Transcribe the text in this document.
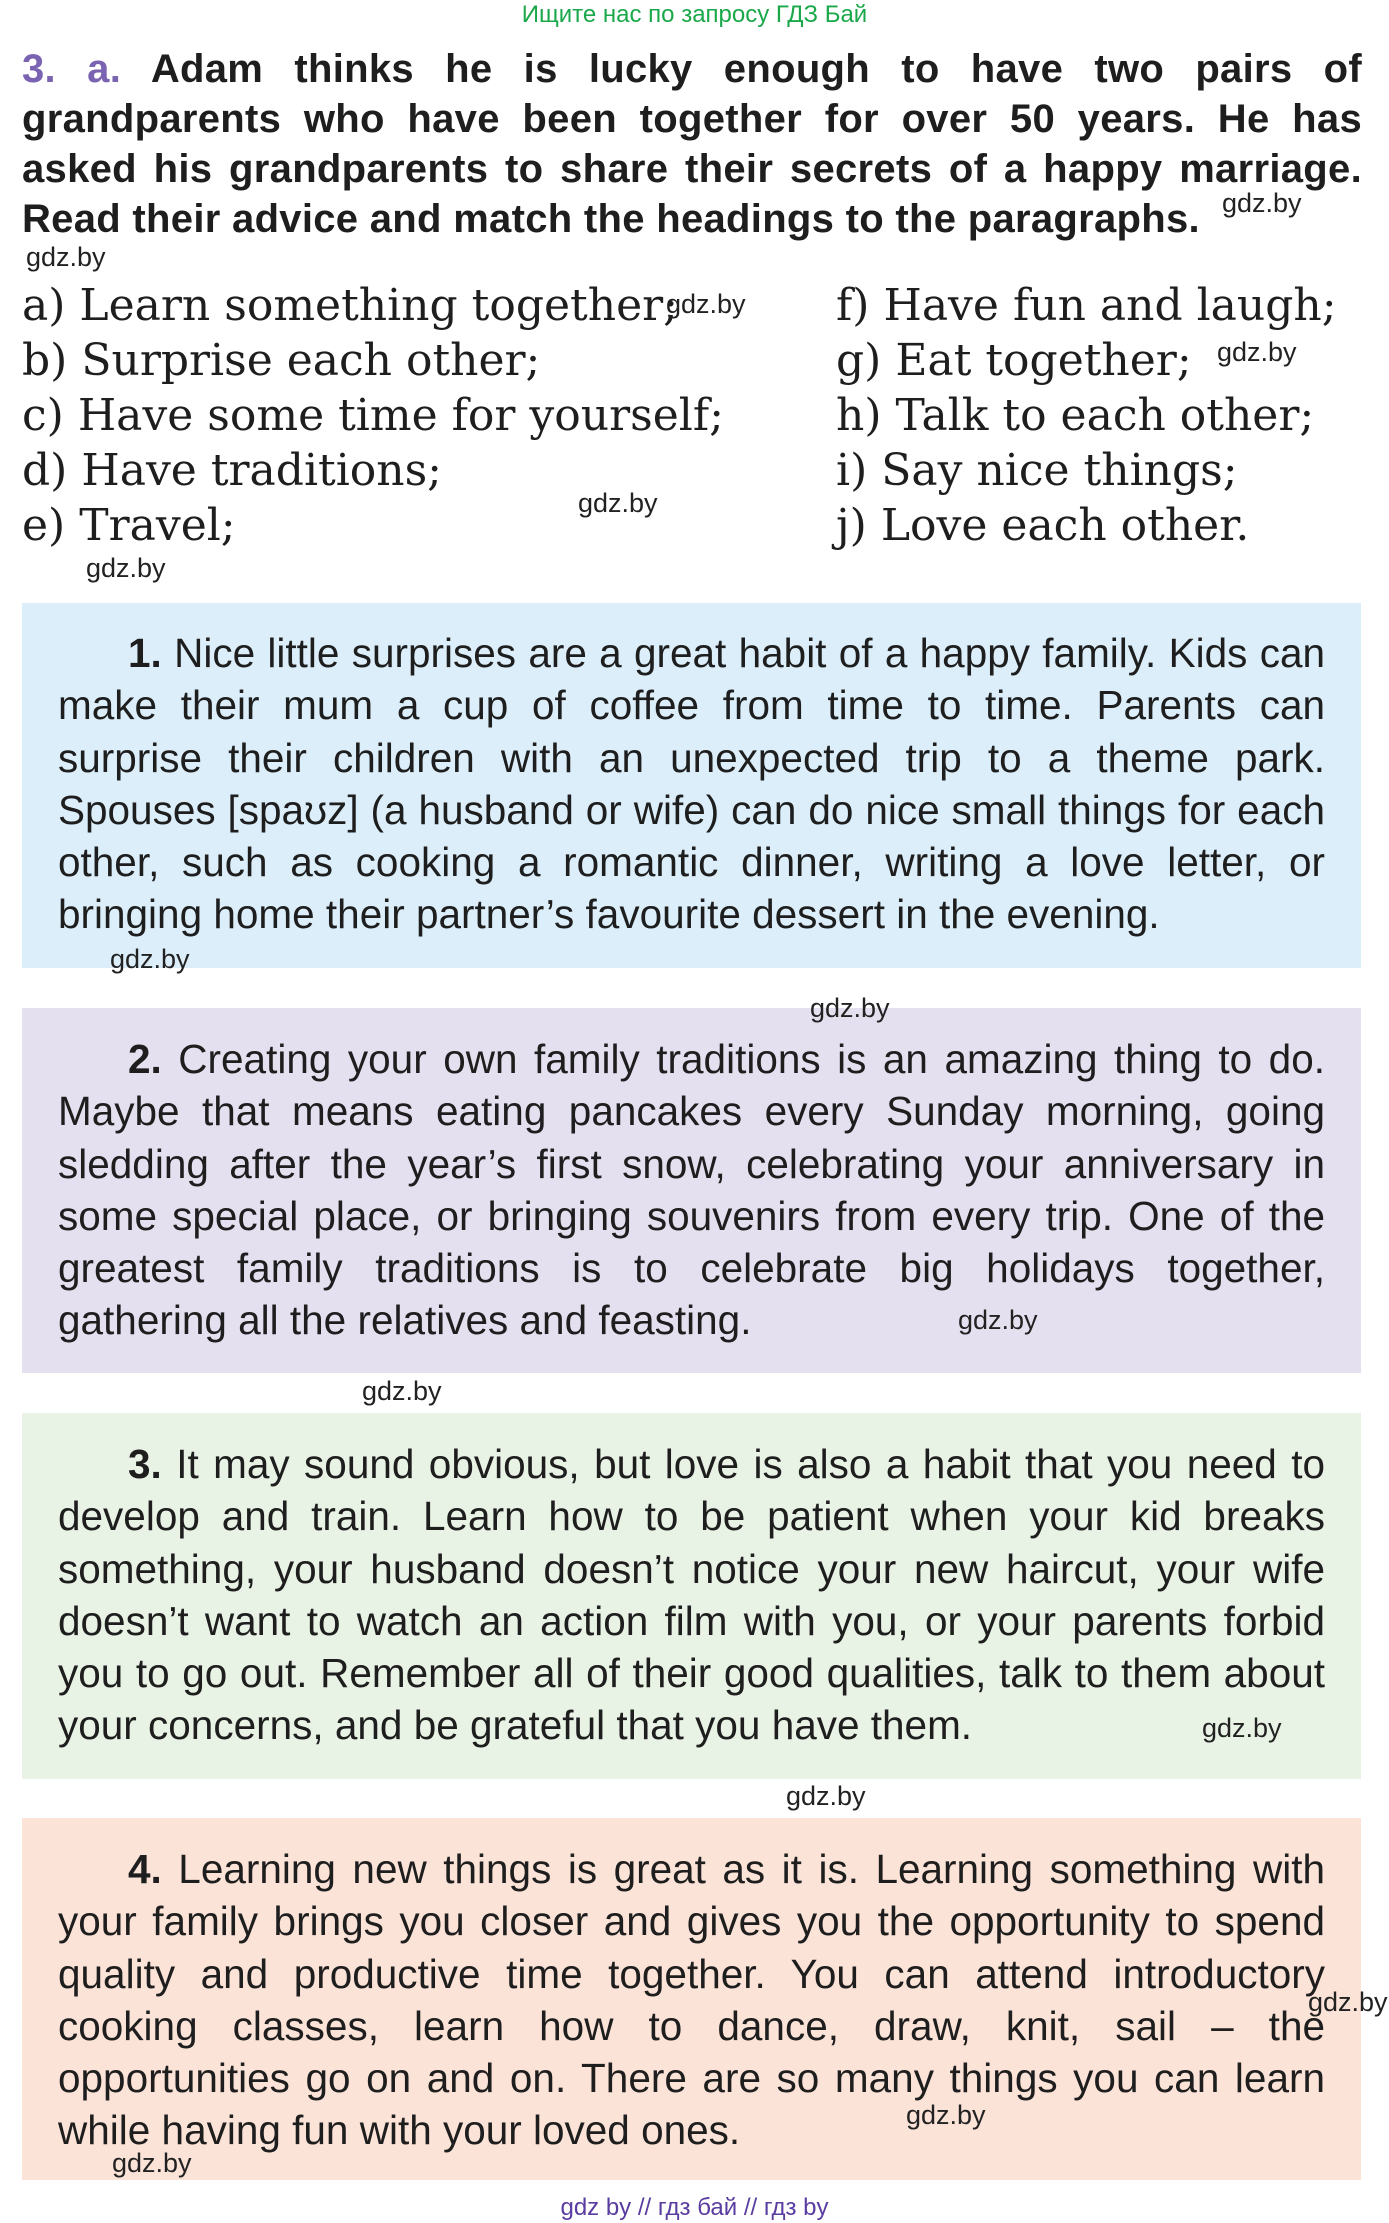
Ищите нас по запросу ГДЗ Бай
3. a. Adam thinks he is lucky enough to have two pairs of grandparents who have been together for over 50 years. He has asked his grandparents to share their secrets of a happy marriage. Read their advice and match the headings to the paragraphs.
a) Learn something together;
b) Surprise each other;
c) Have some time for yourself;
d) Have traditions;
e) Travel;
f) Have fun and laugh;
g) Eat together;
h) Talk to each other;
i) Say nice things;
j) Love each other.

1. Nice little surprises are a great habit of a happy family. Kids can make their mum a cup of coffee from time to time. Parents can surprise their children with an unexpected trip to a theme park. Spouses [spaʊz] (a husband or wife) can do nice small things for each other, such as cooking a romantic dinner, writing a love letter, or bringing home their partner’s favourite dessert in the evening.

2. Creating your own family traditions is an amazing thing to do. Maybe that means eating pancakes every Sunday morning, going sledding after the year’s first snow, celebrating your anniversary in some special place, or bringing souvenirs from every trip. One of the greatest family traditions is to celebrate big holidays together, gathering all the relatives and feasting.

3. It may sound obvious, but love is also a habit that you need to develop and train. Learn how to be patient when your kid breaks something, your husband doesn’t notice your new haircut, your wife doesn’t want to watch an action film with you, or your parents forbid you to go out. Remember all of their good qualities, talk to them about your concerns, and be grateful that you have them.

4. Learning new things is great as it is. Learning something with your family brings you closer and gives you the opportunity to spend quality and productive time together. You can attend introductory cooking classes, learn how to dance, draw, knit, sail – the opportunities go on and on. There are so many things you can learn while having fun with your loved ones.

gdz.by
gdz.by
gdz.by
gdz.by
gdz.by
gdz.by
gdz.by
gdz.by
gdz.by
gdz.by
gdz.by
gdz.by
gdz.by
gdz.by
gdz.by
gdz by // гдз бай // гдз by
